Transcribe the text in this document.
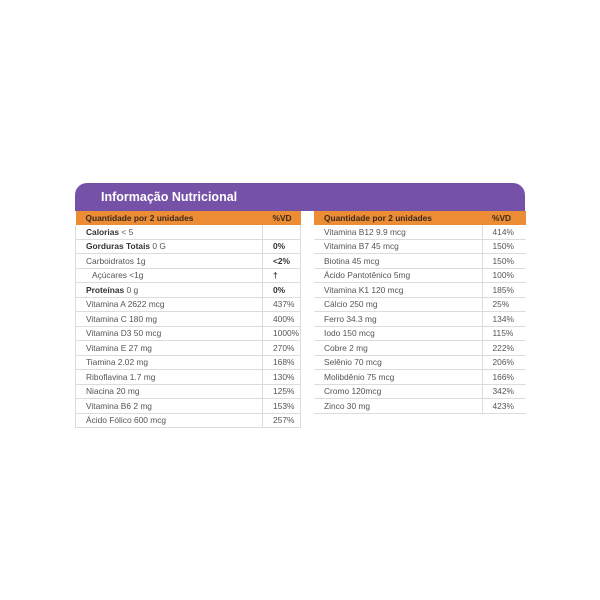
Informação Nutricional
Quantidade por 2 unidades	%VD
Calorias < 5	
Gorduras Totais 0 G	0%
Carboidratos 1g	<2%
Açúcares <1g	†
Proteínas 0 g	0%
Vitamina A 2622 mcg	437%
Vitamina C 180 mg	400%
Vitamina D3 50 mcg	1000%
Vitamina E 27 mg	270%
Tiamina 2.02 mg	168%
Riboflavina 1.7 mg	130%
Niacina 20 mg	125%
Vitamina B6 2 mg	153%
Ácido Fólico 600 mcg	257%
Quantidade por 2 unidades	%VD
Vitamina B12 9.9 mcg	414%
Vitamina B7 45 mcg	150%
Biotina 45 mcg	150%
Ácido Pantotênico 5mg	100%
Vitamina K1 120 mcg	185%
Cálcio 250 mg	25%
Ferro 34.3 mg	134%
Iodo 150 mcg	115%
Cobre 2 mg	222%
Selênio 70 mcg	206%
Molibdênio 75 mcg	166%
Cromo 120mcg	342%
Zinco 30 mg	423%
